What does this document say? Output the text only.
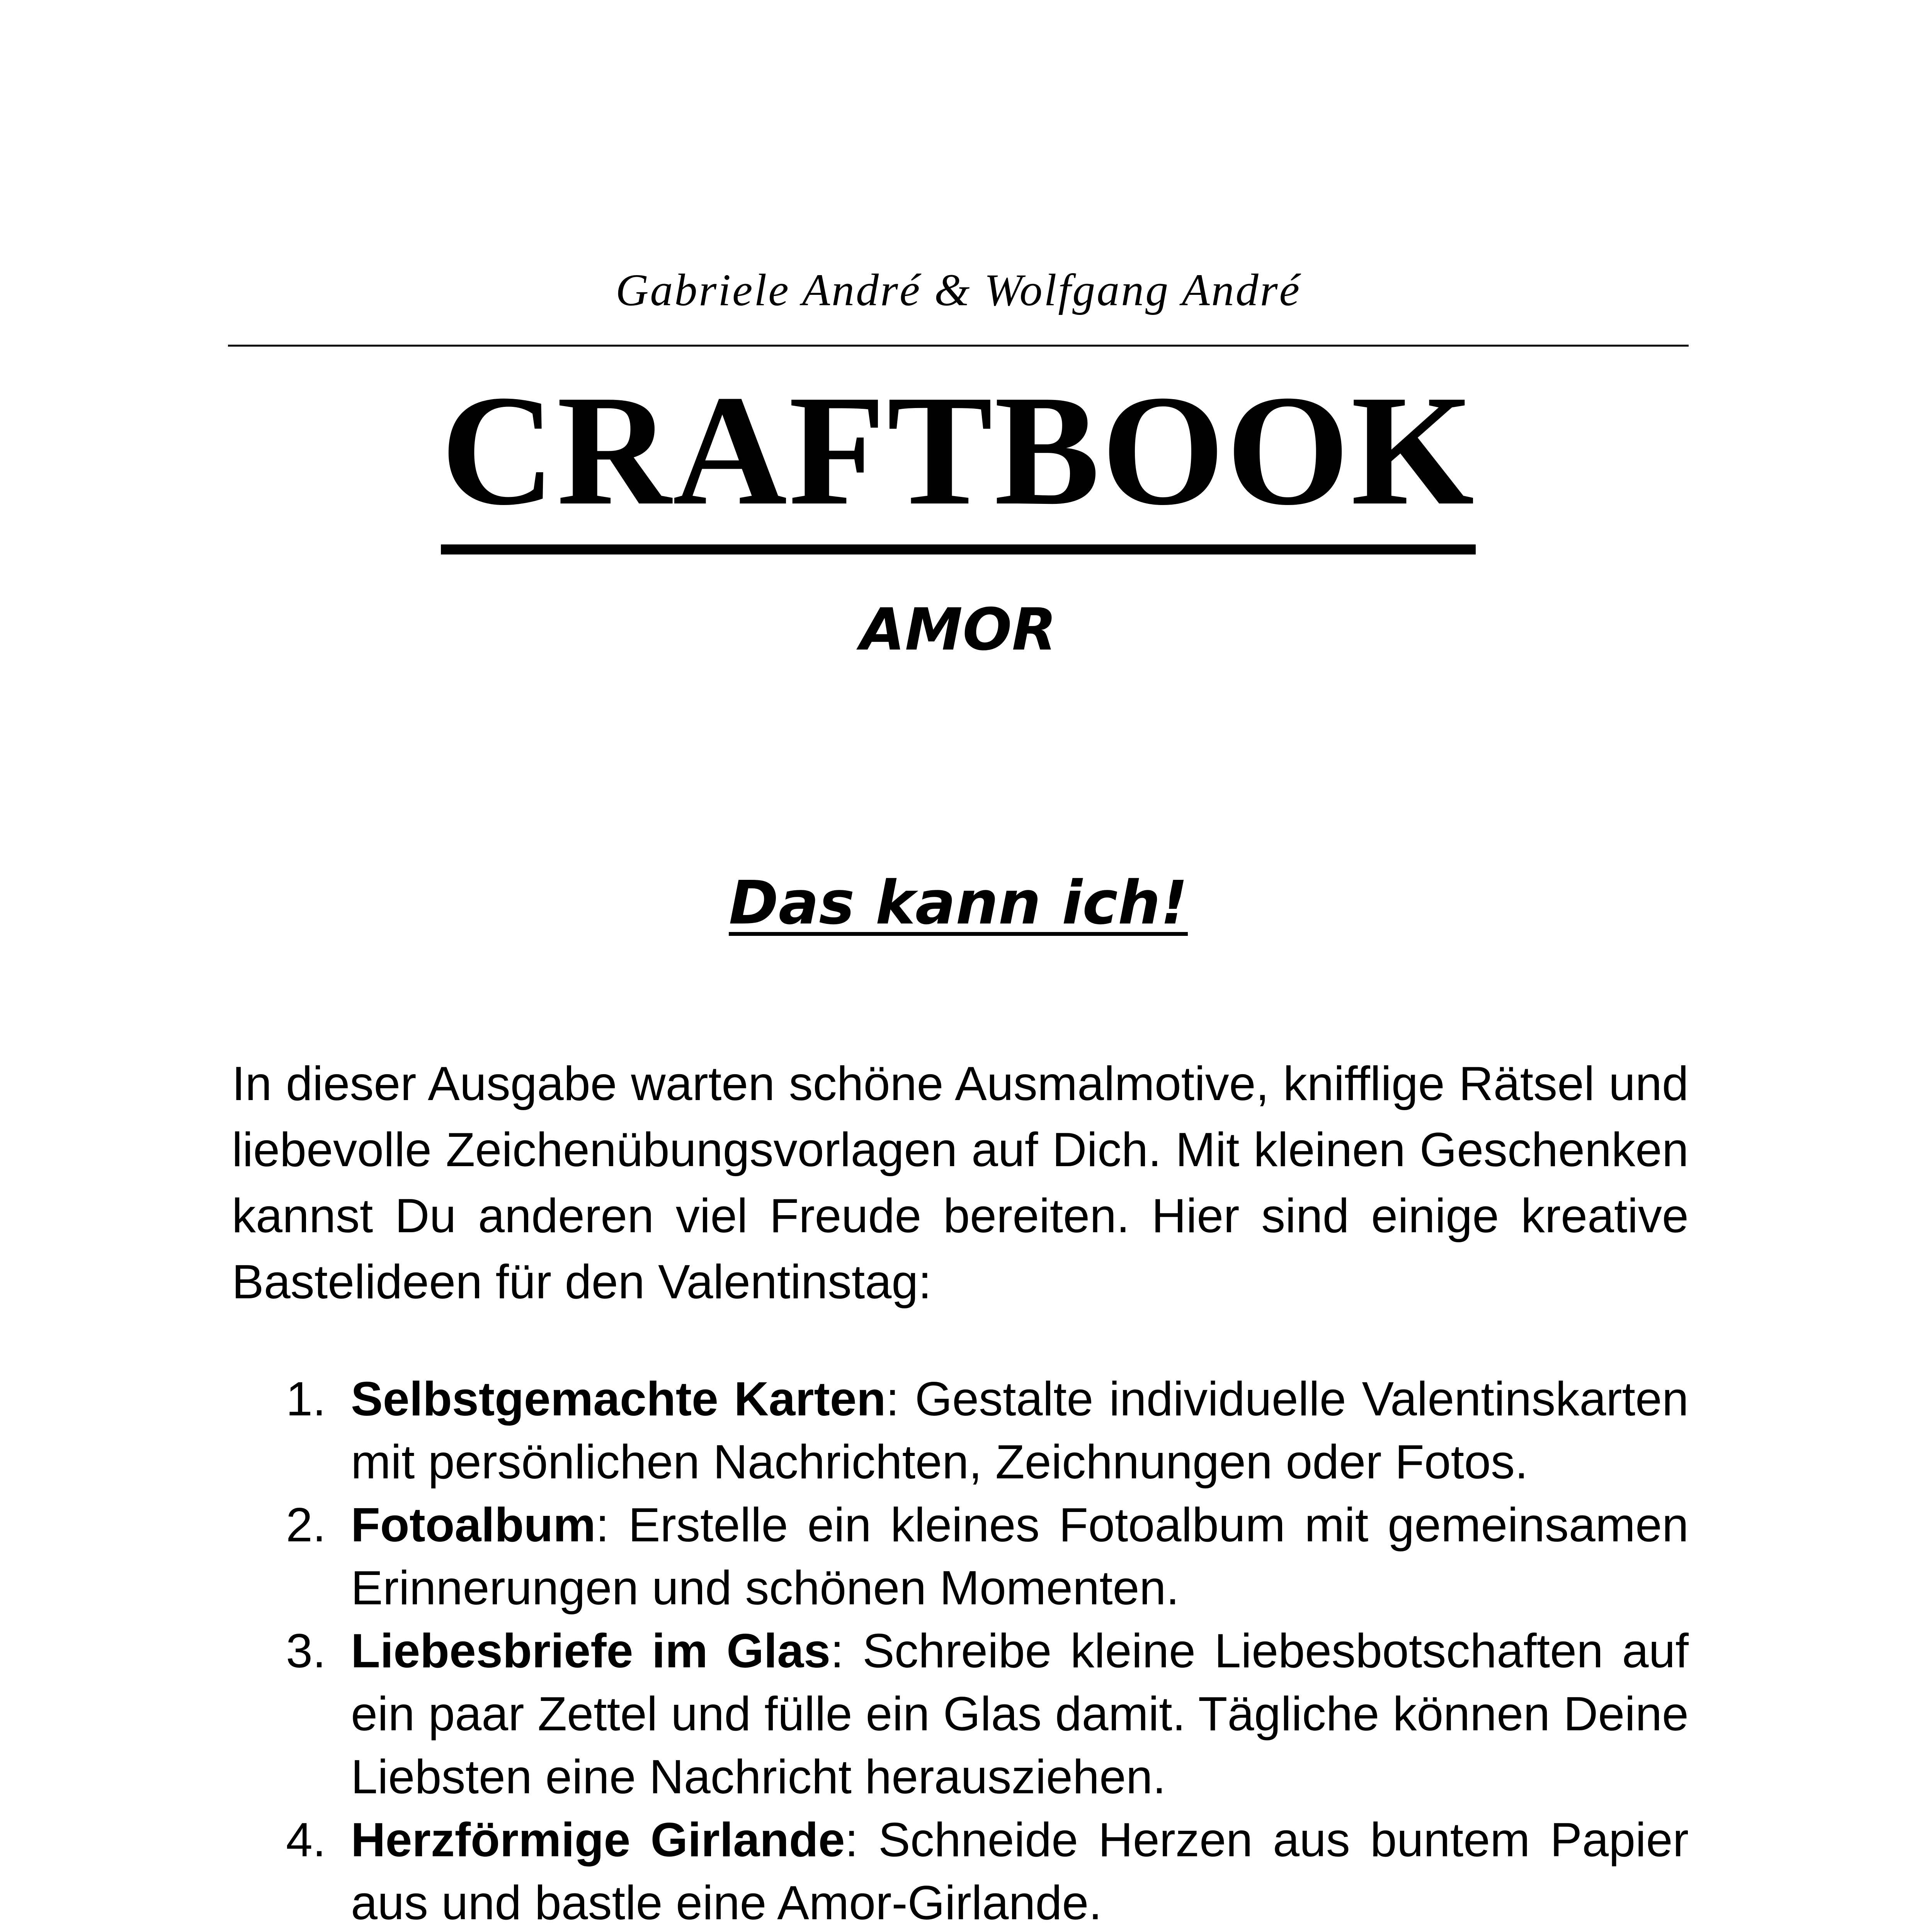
Gabriele André & Wolfgang André
CRAFTBOOK
AMOR
Das kann ich!

In dieser Ausgabe warten schöne Ausmalmotive, knifflige Rätsel und liebevolle Zeichenübungsvorlagen auf Dich. Mit kleinen Geschenken kannst Du anderen viel Freude bereiten. Hier sind einige kreative Bastelideen für den Valentinstag:

1. Selbstgemachte Karten: Gestalte individuelle Valentinskarten mit persönlichen Nachrichten, Zeichnungen oder Fotos.
2. Fotoalbum: Erstelle ein kleines Fotoalbum mit gemeinsamen Erinnerungen und schönen Momenten.
3. Liebesbriefe im Glas: Schreibe kleine Liebesbotschaften auf ein paar Zettel und fülle ein Glas damit. Tägliche können Deine Liebsten eine Nachricht herausziehen.
4. Herzförmige Girlande: Schneide Herzen aus buntem Papier aus und bastle eine Amor-Girlande.
